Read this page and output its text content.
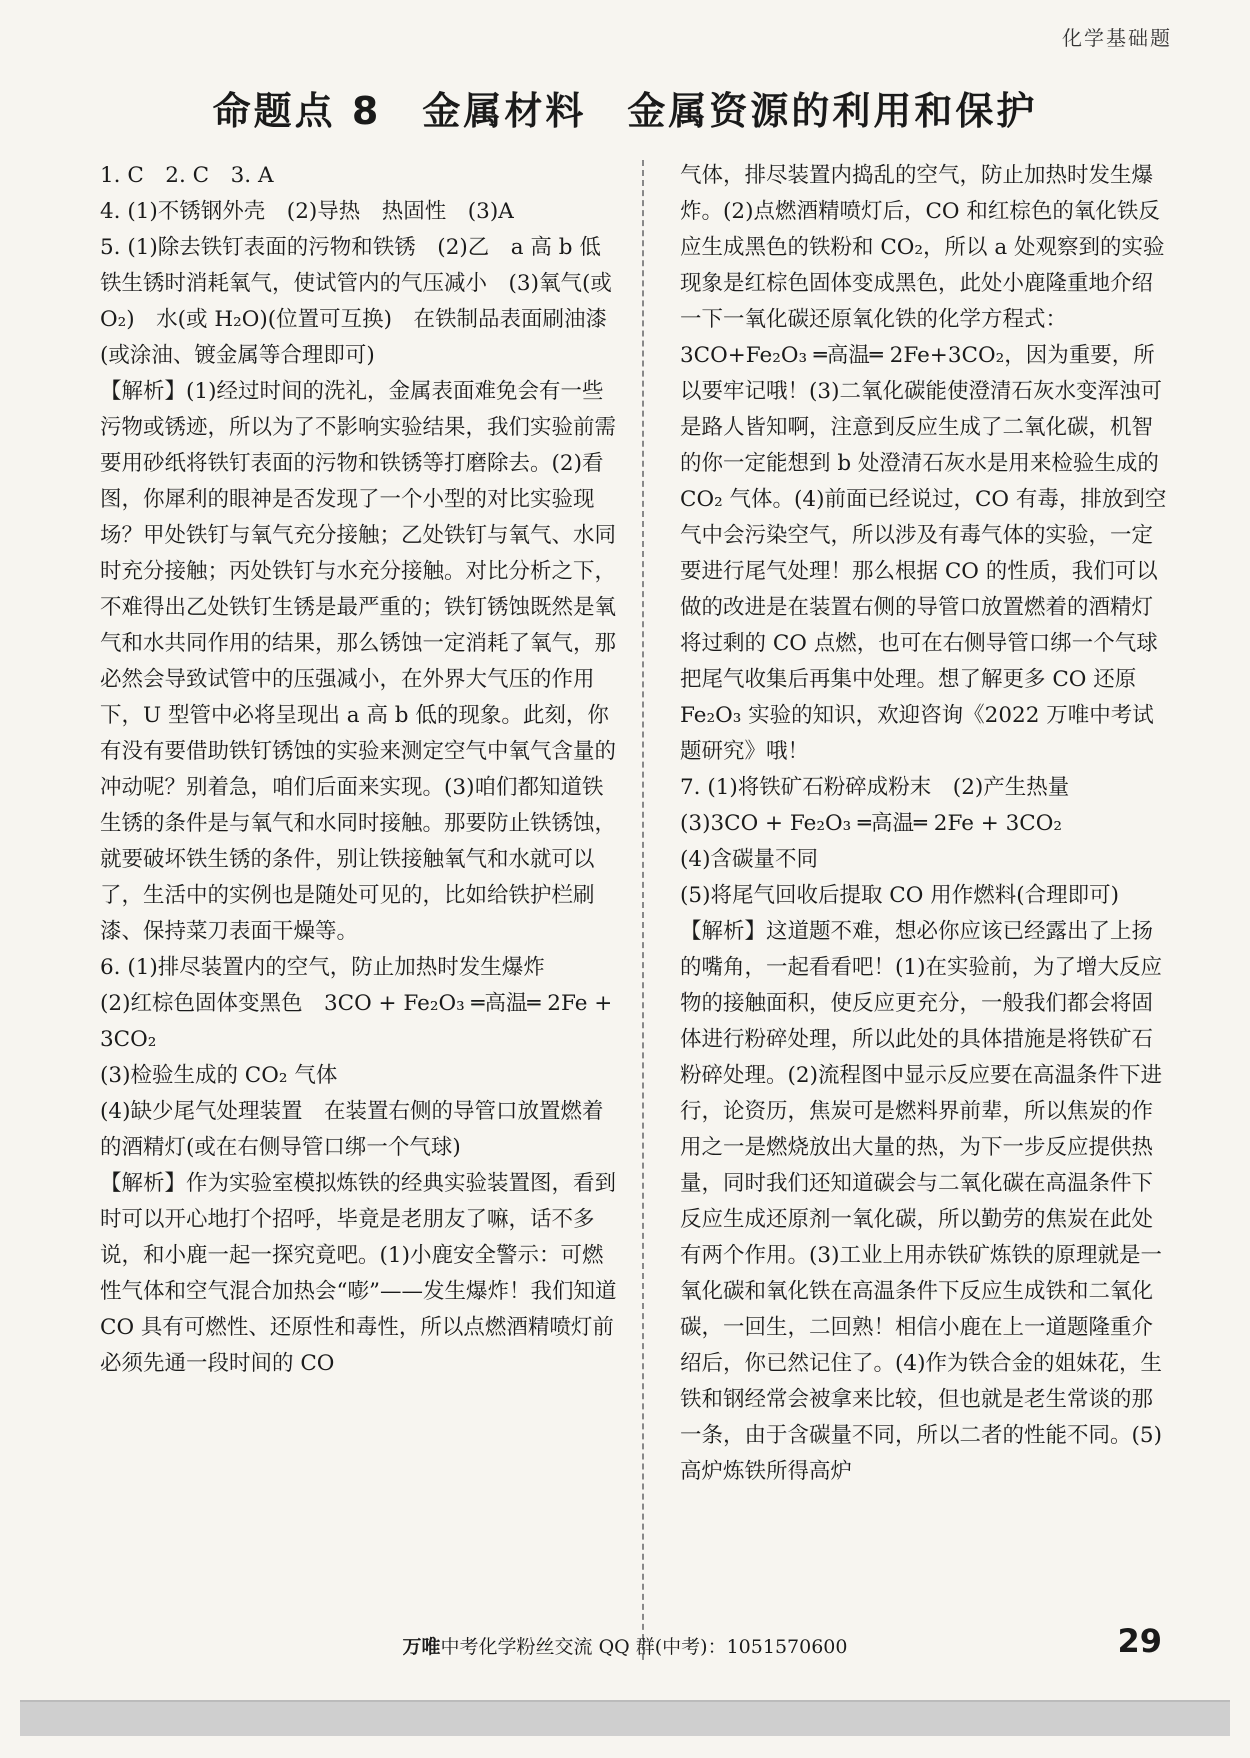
化学基础题
命题点 8　金属材料　金属资源的利用和保护

1. C　2. C　3. A

4. (1)不锈钢外壳　(2)导热　热固性　(3)A

5. (1)除去铁钉表面的污物和铁锈　(2)乙　a 高 b 低　铁生锈时消耗氧气，使试管内的气压减小　(3)氧气(或 O₂)　水(或 H₂O)(位置可互换)　在铁制品表面刷油漆(或涂油、镀金属等合理即可)

【解析】(1)经过时间的洗礼，金属表面难免会有一些污物或锈迹，所以为了不影响实验结果，我们实验前需要用砂纸将铁钉表面的污物和铁锈等打磨除去。(2)看图，你犀利的眼神是否发现了一个小型的对比实验现场？甲处铁钉与氧气充分接触；乙处铁钉与氧气、水同时充分接触；丙处铁钉与水充分接触。对比分析之下，不难得出乙处铁钉生锈是最严重的；铁钉锈蚀既然是氧气和水共同作用的结果，那么锈蚀一定消耗了氧气，那必然会导致试管中的压强减小，在外界大气压的作用下，U 型管中必将呈现出 a 高 b 低的现象。此刻，你有没有要借助铁钉锈蚀的实验来测定空气中氧气含量的冲动呢？别着急，咱们后面来实现。(3)咱们都知道铁生锈的条件是与氧气和水同时接触。那要防止铁锈蚀，就要破坏铁生锈的条件，别让铁接触氧气和水就可以了，生活中的实例也是随处可见的，比如给铁护栏刷漆、保持菜刀表面干燥等。

6. (1)排尽装置内的空气，防止加热时发生爆炸

(2)红棕色固体变黑色　3CO + Fe₂O₃ ═高温═ 2Fe + 3CO₂

(3)检验生成的 CO₂ 气体

(4)缺少尾气处理装置　在装置右侧的导管口放置燃着的酒精灯(或在右侧导管口绑一个气球)

【解析】作为实验室模拟炼铁的经典实验装置图，看到时可以开心地打个招呼，毕竟是老朋友了嘛，话不多说，和小鹿一起一探究竟吧。(1)小鹿安全警示：可燃性气体和空气混合加热会“嘭”——发生爆炸！我们知道 CO 具有可燃性、还原性和毒性，所以点燃酒精喷灯前必须先通一段时间的 CO

气体，排尽装置内捣乱的空气，防止加热时发生爆炸。(2)点燃酒精喷灯后，CO 和红棕色的氧化铁反应生成黑色的铁粉和 CO₂，所以 a 处观察到的实验现象是红棕色固体变成黑色，此处小鹿隆重地介绍一下一氧化碳还原氧化铁的化学方程式：3CO+Fe₂O₃ ═高温═ 2Fe+3CO₂，因为重要，所以要牢记哦！(3)二氧化碳能使澄清石灰水变浑浊可是路人皆知啊，注意到反应生成了二氧化碳，机智的你一定能想到 b 处澄清石灰水是用来检验生成的 CO₂ 气体。(4)前面已经说过，CO 有毒，排放到空气中会污染空气，所以涉及有毒气体的实验，一定要进行尾气处理！那么根据 CO 的性质，我们可以做的改进是在装置右侧的导管口放置燃着的酒精灯将过剩的 CO 点燃，也可在右侧导管口绑一个气球把尾气收集后再集中处理。想了解更多 CO 还原 Fe₂O₃ 实验的知识，欢迎咨询《2022 万唯中考试题研究》哦！

7. (1)将铁矿石粉碎成粉末　(2)产生热量

(3)3CO + Fe₂O₃ ═高温═ 2Fe + 3CO₂

(4)含碳量不同

(5)将尾气回收后提取 CO 用作燃料(合理即可)

【解析】这道题不难，想必你应该已经露出了上扬的嘴角，一起看看吧！(1)在实验前，为了增大反应物的接触面积，使反应更充分，一般我们都会将固体进行粉碎处理，所以此处的具体措施是将铁矿石粉碎处理。(2)流程图中显示反应要在高温条件下进行，论资历，焦炭可是燃料界前辈，所以焦炭的作用之一是燃烧放出大量的热，为下一步反应提供热量，同时我们还知道碳会与二氧化碳在高温条件下反应生成还原剂一氧化碳，所以勤劳的焦炭在此处有两个作用。(3)工业上用赤铁矿炼铁的原理就是一氧化碳和氧化铁在高温条件下反应生成铁和二氧化碳，一回生，二回熟！相信小鹿在上一道题隆重介绍后，你已然记住了。(4)作为铁合金的姐妹花，生铁和钢经常会被拿来比较，但也就是老生常谈的那一条，由于含碳量不同，所以二者的性能不同。(5)高炉炼铁所得高炉

万唯中考化学粉丝交流 QQ 群(中考)：1051570600	29
